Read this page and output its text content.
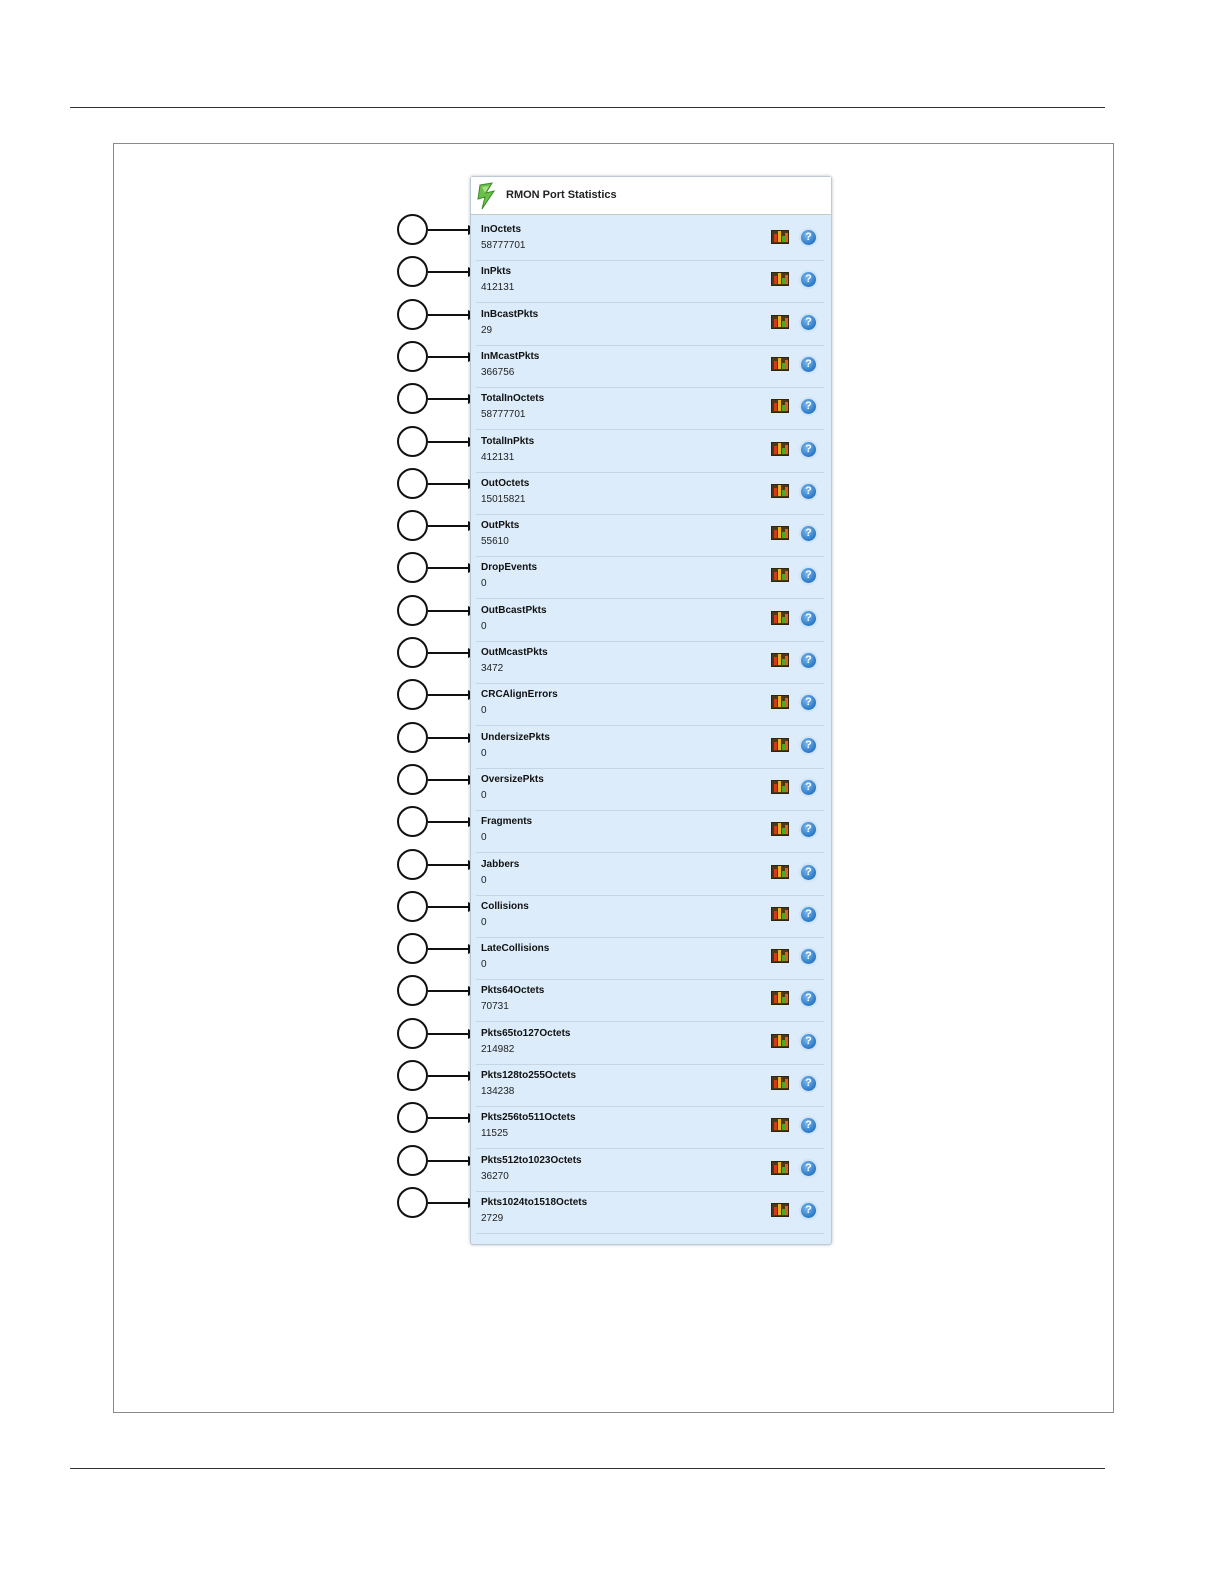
RMON Port Statistics
InOctets
58777701
?
InPkts
412131
?
InBcastPkts
29
?
InMcastPkts
366756
?
TotalInOctets
58777701
?
TotalInPkts
412131
?
OutOctets
15015821
?
OutPkts
55610
?
DropEvents
0
?
OutBcastPkts
0
?
OutMcastPkts
3472
?
CRCAlignErrors
0
?
UndersizePkts
0
?
OversizePkts
0
?
Fragments
0
?
Jabbers
0
?
Collisions
0
?
LateCollisions
0
?
Pkts64Octets
70731
?
Pkts65to127Octets
214982
?
Pkts128to255Octets
134238
?
Pkts256to511Octets
11525
?
Pkts512to1023Octets
36270
?
Pkts1024to1518Octets
2729
?
